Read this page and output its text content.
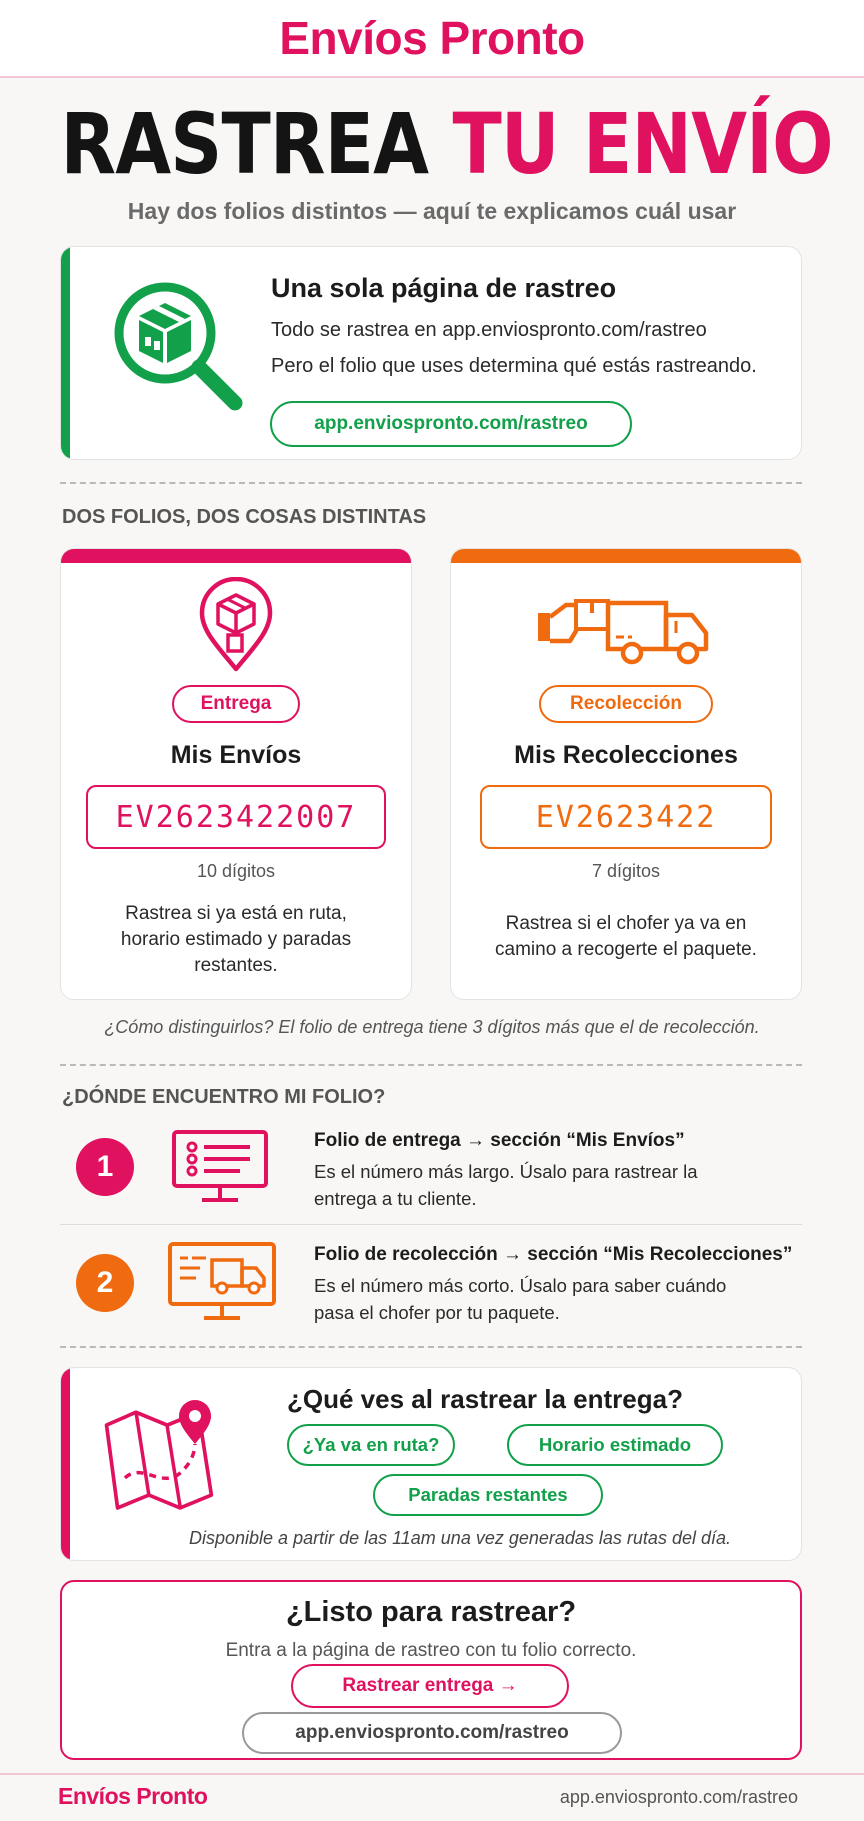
Envíos Pronto
RASTREA TU ENVÍO
Hay dos folios distintos — aquí te explicamos cuál usar
Una sola página de rastreo
Todo se rastrea en app.enviospronto.com/rastreo
Pero el folio que uses determina qué estás rastreando.
app.enviospronto.com/rastreo
DOS FOLIOS, DOS COSAS DISTINTAS
Entrega
Mis Envíos
EV2623422007
10 dígitos
Rastrea si ya está en ruta, horario estimado y paradas restantes.
Recolección
Mis Recolecciones
EV2623422
7 dígitos
Rastrea si el chofer ya va en camino a recogerte el paquete.
¿Cómo distinguirlos? El folio de entrega tiene 3 dígitos más que el de recolección.
¿DÓNDE ENCUENTRO MI FOLIO?
1
Folio de entrega → sección “Mis Envíos”
Es el número más largo. Úsalo para rastrear la entrega a tu cliente.
2
Folio de recolección → sección “Mis Recolecciones”
Es el número más corto. Úsalo para saber cuándo pasa el chofer por tu paquete.
¿Qué ves al rastrear la entrega?
¿Ya va en ruta?	Horario estimado
Paradas restantes
Disponible a partir de las 11am una vez generadas las rutas del día.
¿Listo para rastrear?
Entra a la página de rastreo con tu folio correcto.
Rastrear entrega →
app.enviospronto.com/rastreo
Envíos Pronto	app.enviospronto.com/rastreo
